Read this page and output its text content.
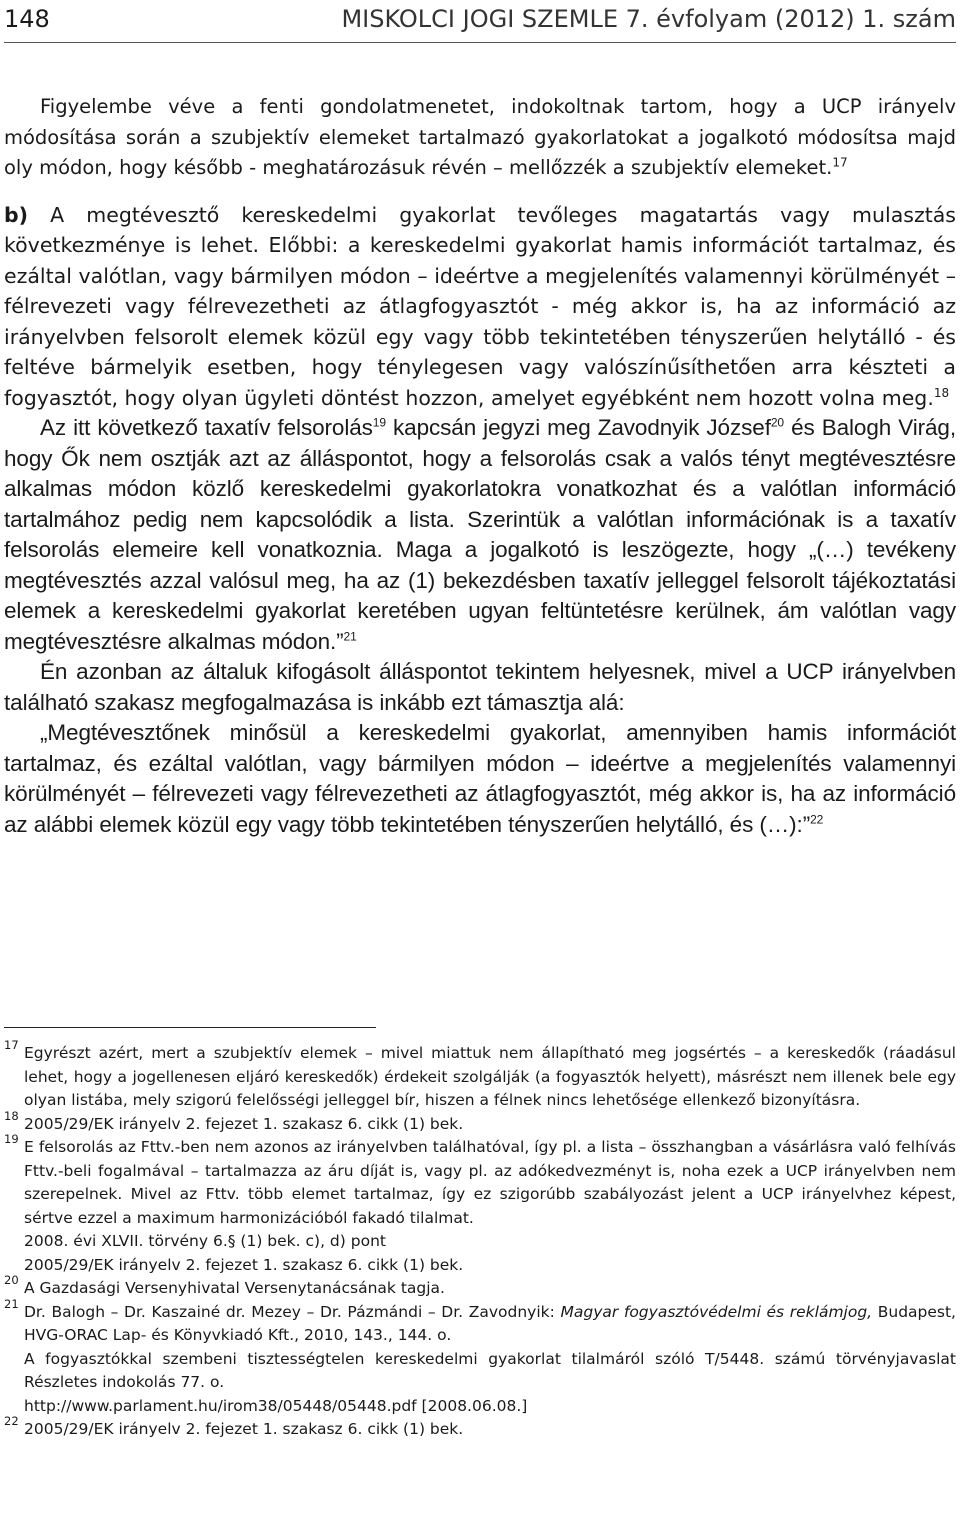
148	MISKOLCI JOGI SZEMLE 7. évfolyam (2012) 1. szám

Figyelembe véve a fenti gondolatmenetet, indokoltnak tartom, hogy a UCP irányelv módosítása során a szubjektív elemeket tartalmazó gyakorlatokat a jogalkotó módosítsa majd oly módon, hogy később - meghatározásuk révén – mellőzzék a szubjektív elemeket.$^{17}$

b) A megtévesztő kereskedelmi gyakorlat tevőleges magatartás vagy mulasztás következménye is lehet. Előbbi: a kereskedelmi gyakorlat hamis információt tartalmaz, és ezáltal valótlan, vagy bármilyen módon – ideértve a megjelenítés valamennyi körülményét – félrevezeti vagy félrevezetheti az átlagfogyasztót - még akkor is, ha az információ az irányelvben felsorolt elemek közül egy vagy több tekintetében tényszerűen helytálló - és feltéve bármelyik esetben, hogy ténylegesen vagy valószínűsíthetően arra készteti a fogyasztót, hogy olyan ügyleti döntést hozzon, amelyet egyébként nem hozott volna meg.$^{18}$

Az itt következő taxatív felsorolás$^{19}$ kapcsán jegyzi meg Zavodnyik József$^{20}$ és Balogh Virág, hogy Ők nem osztják azt az álláspontot, hogy a felsorolás csak a valós tényt megtévesztésre alkalmas módon közlő kereskedelmi gyakorlatokra vonatkozhat és a valótlan információ tartalmához pedig nem kapcsolódik a lista. Szerintük a valótlan információnak is a taxatív felsorolás elemeire kell vonatkoznia. Maga a jogalkotó is leszögezte, hogy „(…) tevékeny megtévesztés azzal valósul meg, ha az (1) bekezdésben taxatív jelleggel felsorolt tájékoztatási elemek a kereskedelmi gyakorlat keretében ugyan feltüntetésre kerülnek, ám valótlan vagy megtévesztésre alkalmas módon.”$^{21}$

Én azonban az általuk kifogásolt álláspontot tekintem helyesnek, mivel a UCP irányelvben található szakasz megfogalmazása is inkább ezt támasztja alá:

„Megtévesztőnek minősül a kereskedelmi gyakorlat, amennyiben hamis információt tartalmaz, és ezáltal valótlan, vagy bármilyen módon – ideértve a megjelenítés valamennyi körülményét – félrevezeti vagy félrevezetheti az átlagfogyasztót, még akkor is, ha az információ az alábbi elemek közül egy vagy több tekintetében tényszerűen helytálló, és (…):”$^{22}$

17 Egyrészt azért, mert a szubjektív elemek – mivel miattuk nem állapítható meg jogsértés – a kereskedők (ráadásul lehet, hogy a jogellenesen eljáró kereskedők) érdekeit szolgálják (a fogyasztók helyett), másrészt nem illenek bele egy olyan listába, mely szigorú felelősségi jelleggel bír, hiszen a félnek nincs lehetősége ellenkező bizonyításra.
18 2005/29/EK irányelv 2. fejezet 1. szakasz 6. cikk (1) bek.
19 E felsorolás az Fttv.-ben nem azonos az irányelvben találhatóval, így pl. a lista – összhangban a vásárlásra való felhívás Fttv.-beli fogalmával – tartalmazza az áru díját is, vagy pl. az adókedvezményt is, noha ezek a UCP irányelvben nem szerepelnek. Mivel az Fttv. több elemet tartalmaz, így ez szigorúbb szabályozást jelent a UCP irányelvhez képest, sértve ezzel a maximum harmonizációból fakadó tilalmat.
2008. évi XLVII. törvény 6.§ (1) bek. c), d) pont
2005/29/EK irányelv 2. fejezet 1. szakasz 6. cikk (1) bek.
20 A Gazdasági Versenyhivatal Versenytanácsának tagja.
21 Dr. Balogh – Dr. Kaszainé dr. Mezey – Dr. Pázmándi – Dr. Zavodnyik: Magyar fogyasztóvédelmi és reklámjog, Budapest, HVG-ORAC Lap- és Könyvkiadó Kft., 2010, 143., 144. o.
A fogyasztókkal szembeni tisztességtelen kereskedelmi gyakorlat tilalmáról szóló T/5448. számú törvényjavaslat Részletes indokolás 77. o.
http://www.parlament.hu/irom38/05448/05448.pdf [2008.06.08.]
22 2005/29/EK irányelv 2. fejezet 1. szakasz 6. cikk (1) bek.
